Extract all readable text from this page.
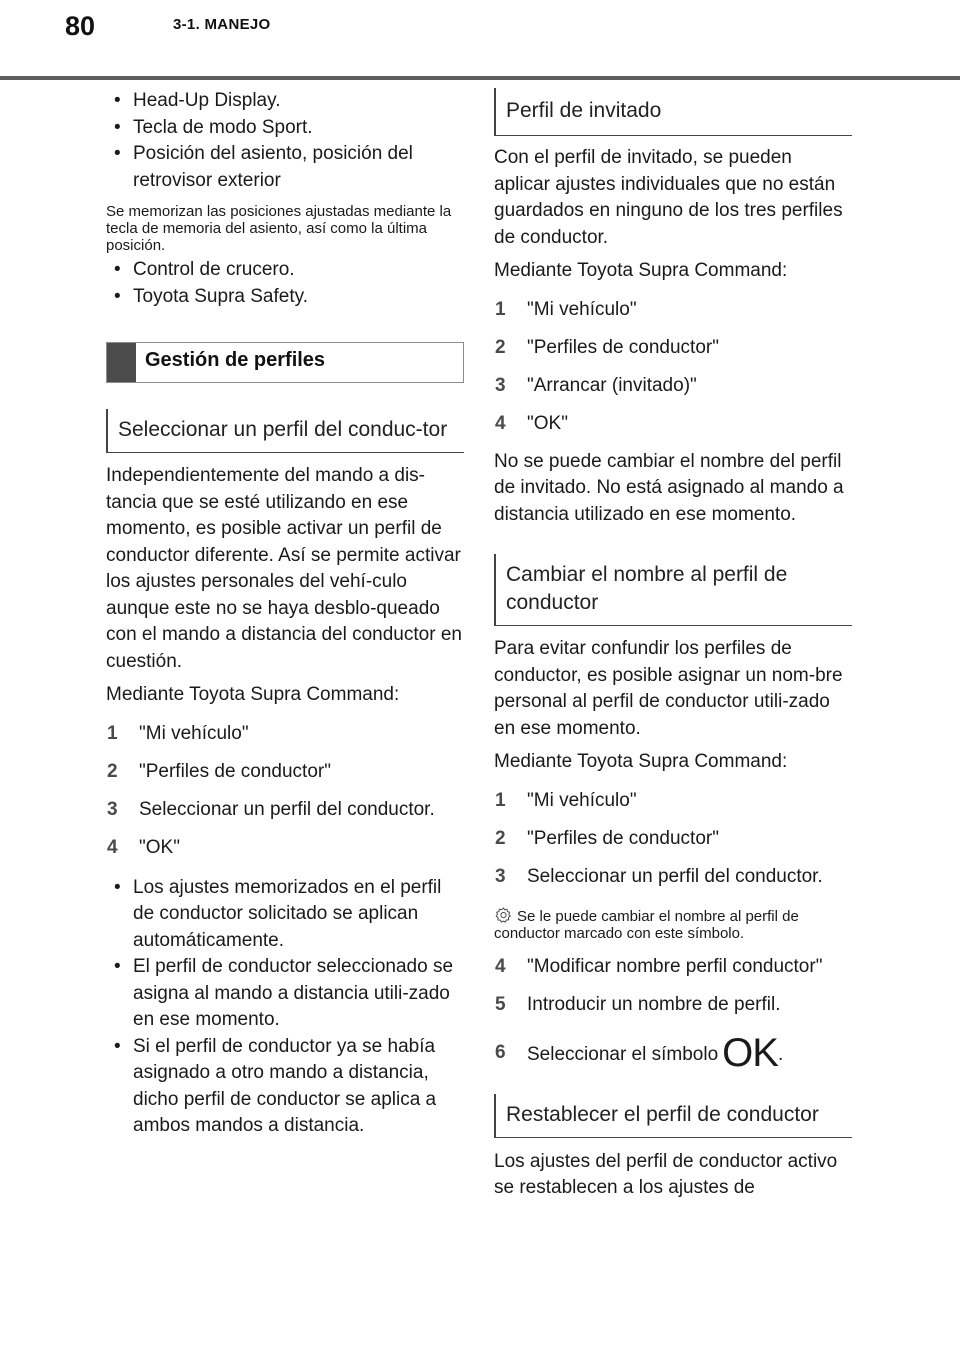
80	3-1. MANEJO
• Head-Up Display.
• Tecla de modo Sport.
• Posición del asiento, posición del retrovisor exterior

Se memorizan las posiciones ajustadas mediante la tecla de memoria del asiento, así como la última posición.

• Control de crucero.
• Toyota Supra Safety.
Gestión de perfiles
Seleccionar un perfil del conduc-tor

Independientemente del mando a dis-tancia que se esté utilizando en ese momento, es posible activar un perfil de conductor diferente. Así se permite activar los ajustes personales del vehí-culo aunque este no se haya desblo-queado con el mando a distancia del conductor en cuestión.

Mediante Toyota Supra Command:

1 "Mi vehículo"
2 "Perfiles de conductor"
3 Seleccionar un perfil del conductor.
4 "OK"
• Los ajustes memorizados en el perfil de conductor solicitado se aplican automáticamente.
• El perfil de conductor seleccionado se asigna al mando a distancia utili-zado en ese momento.
• Si el perfil de conductor ya se había asignado a otro mando a distancia, dicho perfil de conductor se aplica a ambos mandos a distancia.
Perfil de invitado

Con el perfil de invitado, se pueden aplicar ajustes individuales que no están guardados en ninguno de los tres perfiles de conductor.

Mediante Toyota Supra Command:

1 "Mi vehículo"
2 "Perfiles de conductor"
3 "Arrancar (invitado)"
4 "OK"

No se puede cambiar el nombre del perfil de invitado. No está asignado al mando a distancia utilizado en ese momento.

Cambiar el nombre al perfil de conductor

Para evitar confundir los perfiles de conductor, es posible asignar un nom-bre personal al perfil de conductor utili-zado en ese momento.

Mediante Toyota Supra Command:

1 "Mi vehículo"
2 "Perfiles de conductor"
3 Seleccionar un perfil del conductor.

Se le puede cambiar el nombre al perfil de conductor marcado con este símbolo.

4 "Modificar nombre perfil conductor"
5 Introducir un nombre de perfil.
6 Seleccionar el símbolo OK.
Restablecer el perfil de conductor

Los ajustes del perfil de conductor activo se restablecen a los ajustes de
